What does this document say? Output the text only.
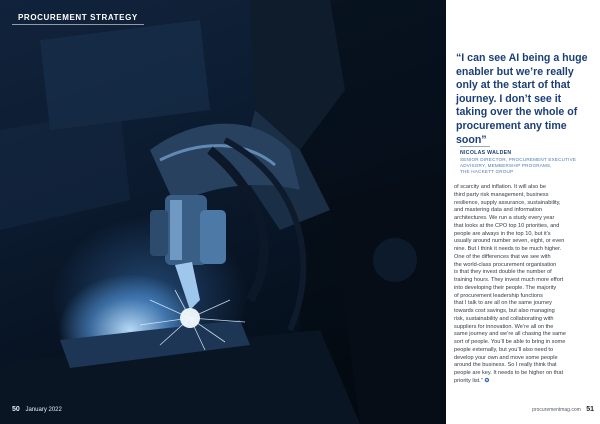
PROCUREMENT STRATEGY
50 January 2022
“I can see AI being a huge enabler but we’re really only at the start of that journey. I don’t see it taking over the whole of procurement any time soon”
NICOLAS WALDEN
SENIOR DIRECTOR, PROCUREMENT EXECUTIVE
ADVISORY, MEMBERSHIP PROGRAMS,
THE HACKETT GROUP

of scarcity and inflation. It will also be

third party risk management, business

resilience, supply assurance, sustainability,

and mastering data and information

architectures. We run a study every year

that looks at the CPO top 10 priorities, and

people are always in the top 10, but it’s

usually around number seven, eight, or even

nine. But I think it needs to be much higher.

One of the differences that we see with

the world-class procurement organisation

is that they invest double the number of

training hours. They invest much more effort

into developing their people. The majority

of procurement leadership functions

that I talk to are all on the same journey

towards cost savings, but also managing

risk, sustainability and collaborating with

suppliers for innovation. We’re all on the

same journey and we’re all chasing the same

sort of people. You’ll be able to bring in some

people externally, but you’ll also need to

develop your own and move some people

around the business. So I really think that

people are key. It needs to be higher on that

priority list.” ✪

procurementmag.com 51
